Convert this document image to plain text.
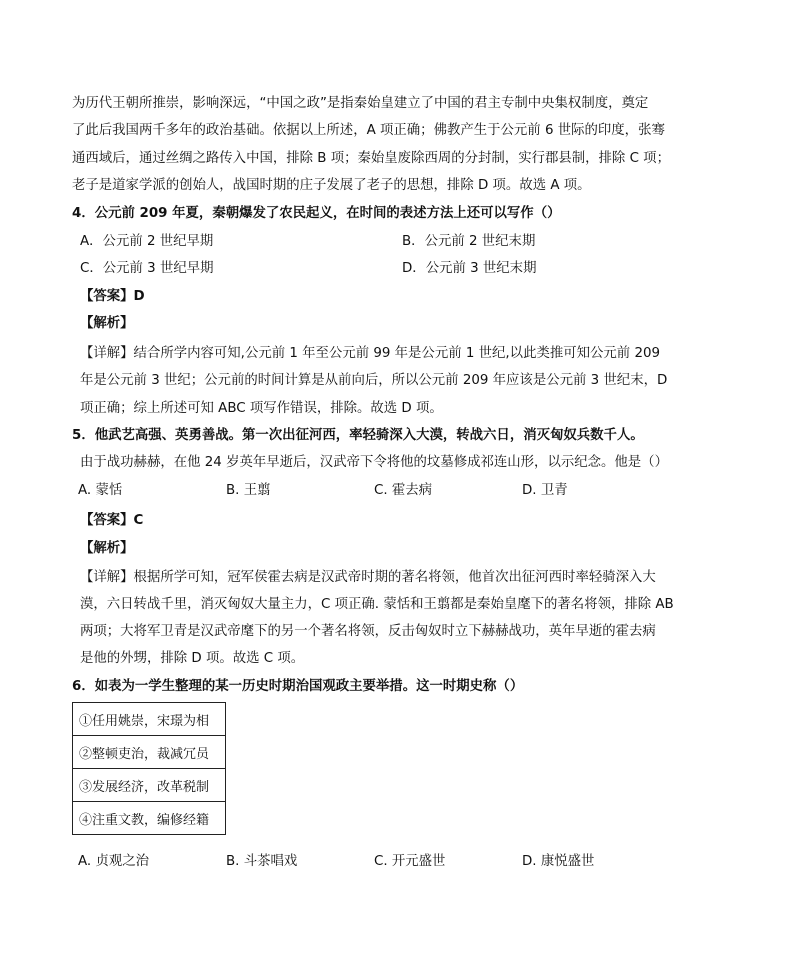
为历代王朝所推崇，影响深远，“中国之政”是指秦始皇建立了中国的君主专制中央集权制度，奠定
了此后我国两千多年的政治基础。依据以上所述，A 项正确；佛教产生于公元前 6 世际的印度，张骞
通西域后，通过丝绸之路传入中国，排除 B 项；秦始皇废除西周的分封制，实行郡县制，排除 C 项；
老子是道家学派的创始人，战国时期的庄子发展了老子的思想，排除 D 项。故选 A 项。
4．公元前 209 年夏，秦朝爆发了农民起义，在时间的表述方法上还可以写作（）
A．公元前 2 世纪早期	B．公元前 2 世纪末期
C．公元前 3 世纪早期	D．公元前 3 世纪末期
【答案】D
【解析】
【详解】结合所学内容可知,公元前 1 年至公元前 99 年是公元前 1 世纪,以此类推可知公元前 209
年是公元前 3 世纪；公元前的时间计算是从前向后，所以公元前 209 年应该是公元前 3 世纪末，D
项正确；综上所述可知 ABC 项写作错误，排除。故选 D 项。
5．他武艺高强、英勇善战。第一次出征河西，率轻骑深入大漠，转战六日，消灭匈奴兵数千人。
由于战功赫赫，在他 24 岁英年早逝后，汉武帝下令将他的坟墓修成祁连山形，以示纪念。他是（）
A. 蒙恬	B. 王翦	C. 霍去病	D. 卫青
【答案】C
【解析】
【详解】根据所学可知，冠军侯霍去病是汉武帝时期的著名将领，他首次出征河西时率轻骑深入大
漠，六日转战千里，消灭匈奴大量主力，C 项正确. 蒙恬和王翦都是秦始皇麾下的著名将领，排除 AB
两项；大将军卫青是汉武帝麾下的另一个著名将领，反击匈奴时立下赫赫战功，英年早逝的霍去病
是他的外甥，排除 D 项。故选 C 项。
6．如表为一学生整理的某一历史时期治国观政主要举措。这一时期史称（）
①任用姚崇，宋璟为相
②整顿吏治，裁减冗员
③发展经济，改革税制
④注重文教，编修经籍
A. 贞观之治	B. 斗茶唱戏	C. 开元盛世	D. 康悦盛世
